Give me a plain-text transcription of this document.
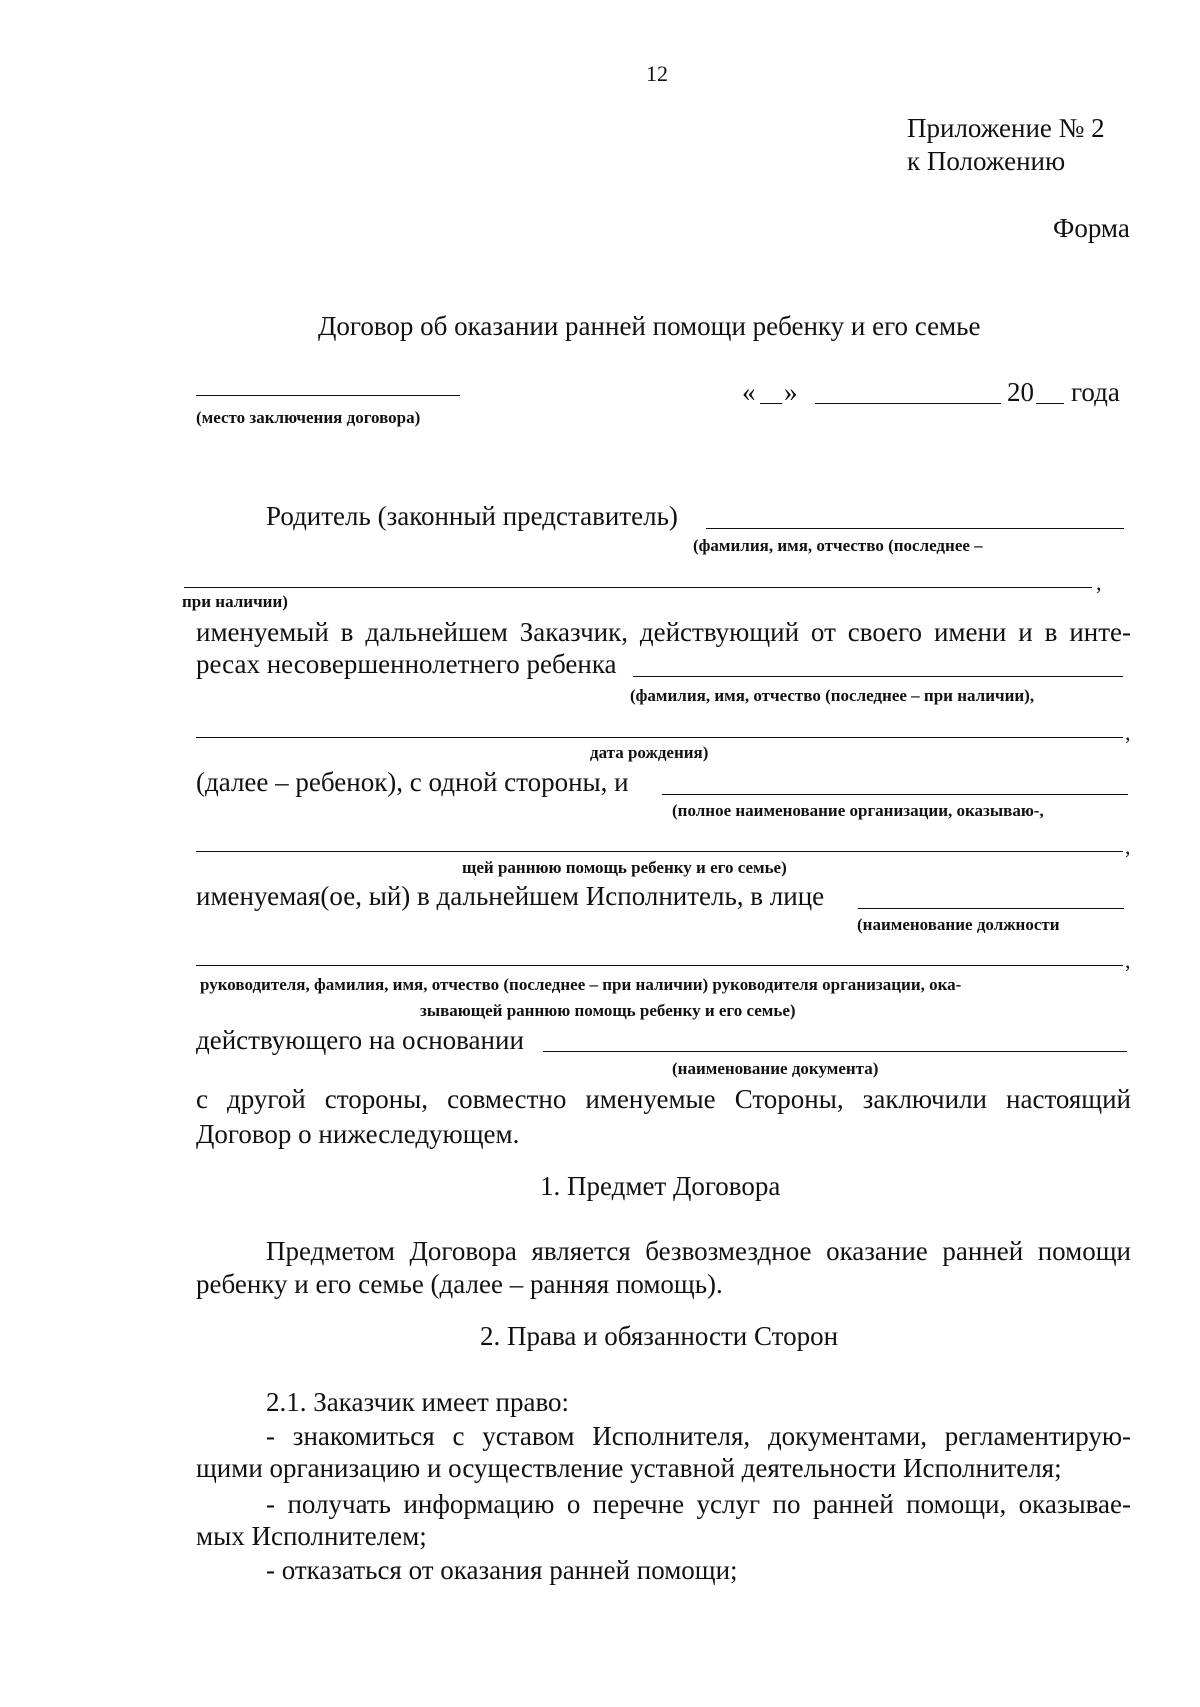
12
Приложение № 2
к Положению
Форма
Договор об оказании ранней помощи ребенку и его семье
(место заключения договора)
« »	20 года
Родитель (законный представитель)
(фамилия, имя, отчество (последнее –
,
при наличии)
именуемый в дальнейшем Заказчик, действующий от своего имени и в инте-
ресах несовершеннолетнего ребенка
(фамилия, имя, отчество (последнее – при наличии),
,
дата рождения)
(далее – ребенок), с одной стороны, и
(полное наименование организации, оказываю-,
,
щей раннюю помощь ребенку и его семье)
именуемая(ое, ый) в дальнейшем Исполнитель, в лице
(наименование должности
,
руководителя, фамилия, имя, отчество (последнее – при наличии) руководителя организации, ока-
зывающей раннюю помощь ребенку и его семье)
действующего на основании
(наименование документа)
с другой стороны, совместно именуемые Стороны, заключили настоящий
Договор о нижеследующем.
1. Предмет Договора
Предметом Договора является безвозмездное оказание ранней помощи
ребенку и его семье (далее – ранняя помощь).
2. Права и обязанности Сторон
2.1. Заказчик имеет право:
- знакомиться с уставом Исполнителя, документами, регламентирую-
щими организацию и осуществление уставной деятельности Исполнителя;
- получать информацию о перечне услуг по ранней помощи, оказывае-
мых Исполнителем;
- отказаться от оказания ранней помощи;
